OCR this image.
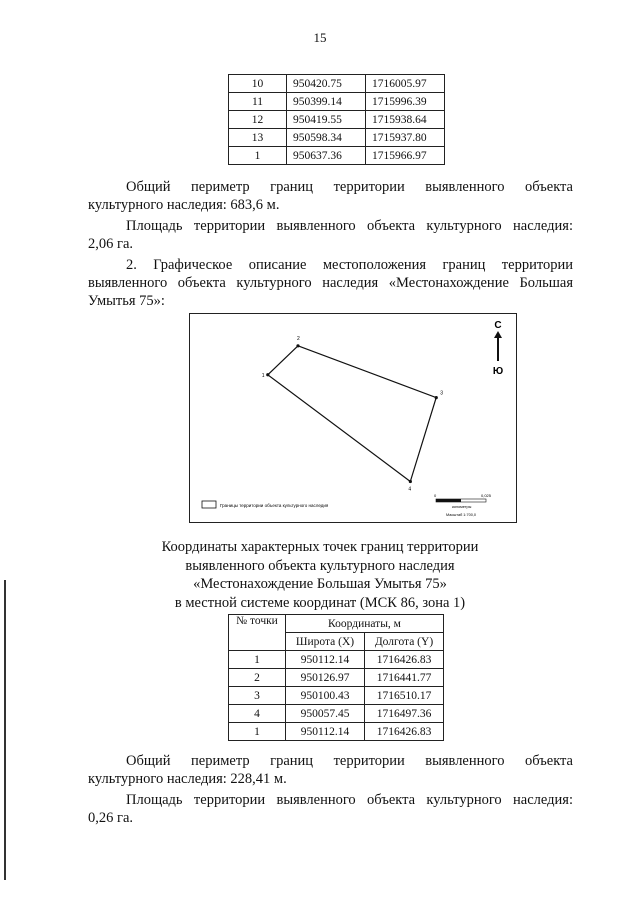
15
10	950420.75	1716005.97
11	950399.14	1715996.39
12	950419.55	1715938.64
13	950598.34	1715937.80
1	950637.36	1715966.97

Общий периметр границ территории выявленного объекта

культурного наследия: 683,6 м.

Площадь территории выявленного объекта культурного наследия:

2,06 га.

2. Графическое описание местоположения границ территории

выявленного объекта культурного наследия «Местонахождение Большая

Умытья 75»:

1
2
3
4
С
Ю
Границы территории объекта культурного наследия
0	0,025
километры
Масштаб 1:700,0
Координаты характерных точек границ территории
выявленного объекта культурного наследия
«Местонахождение Большая Умытья 75»
в местной системе координат (МСК 86, зона 1)
№ точки	Координаты, м	
	Широта (X)	Долгота (Y)
1	950112.14	1716426.83
2	950126.97	1716441.77
3	950100.43	1716510.17
4	950057.45	1716497.36
1	950112.14	1716426.83

Общий периметр границ территории выявленного объекта

культурного наследия: 228,41 м.

Площадь территории выявленного объекта культурного наследия:

0,26 га.
